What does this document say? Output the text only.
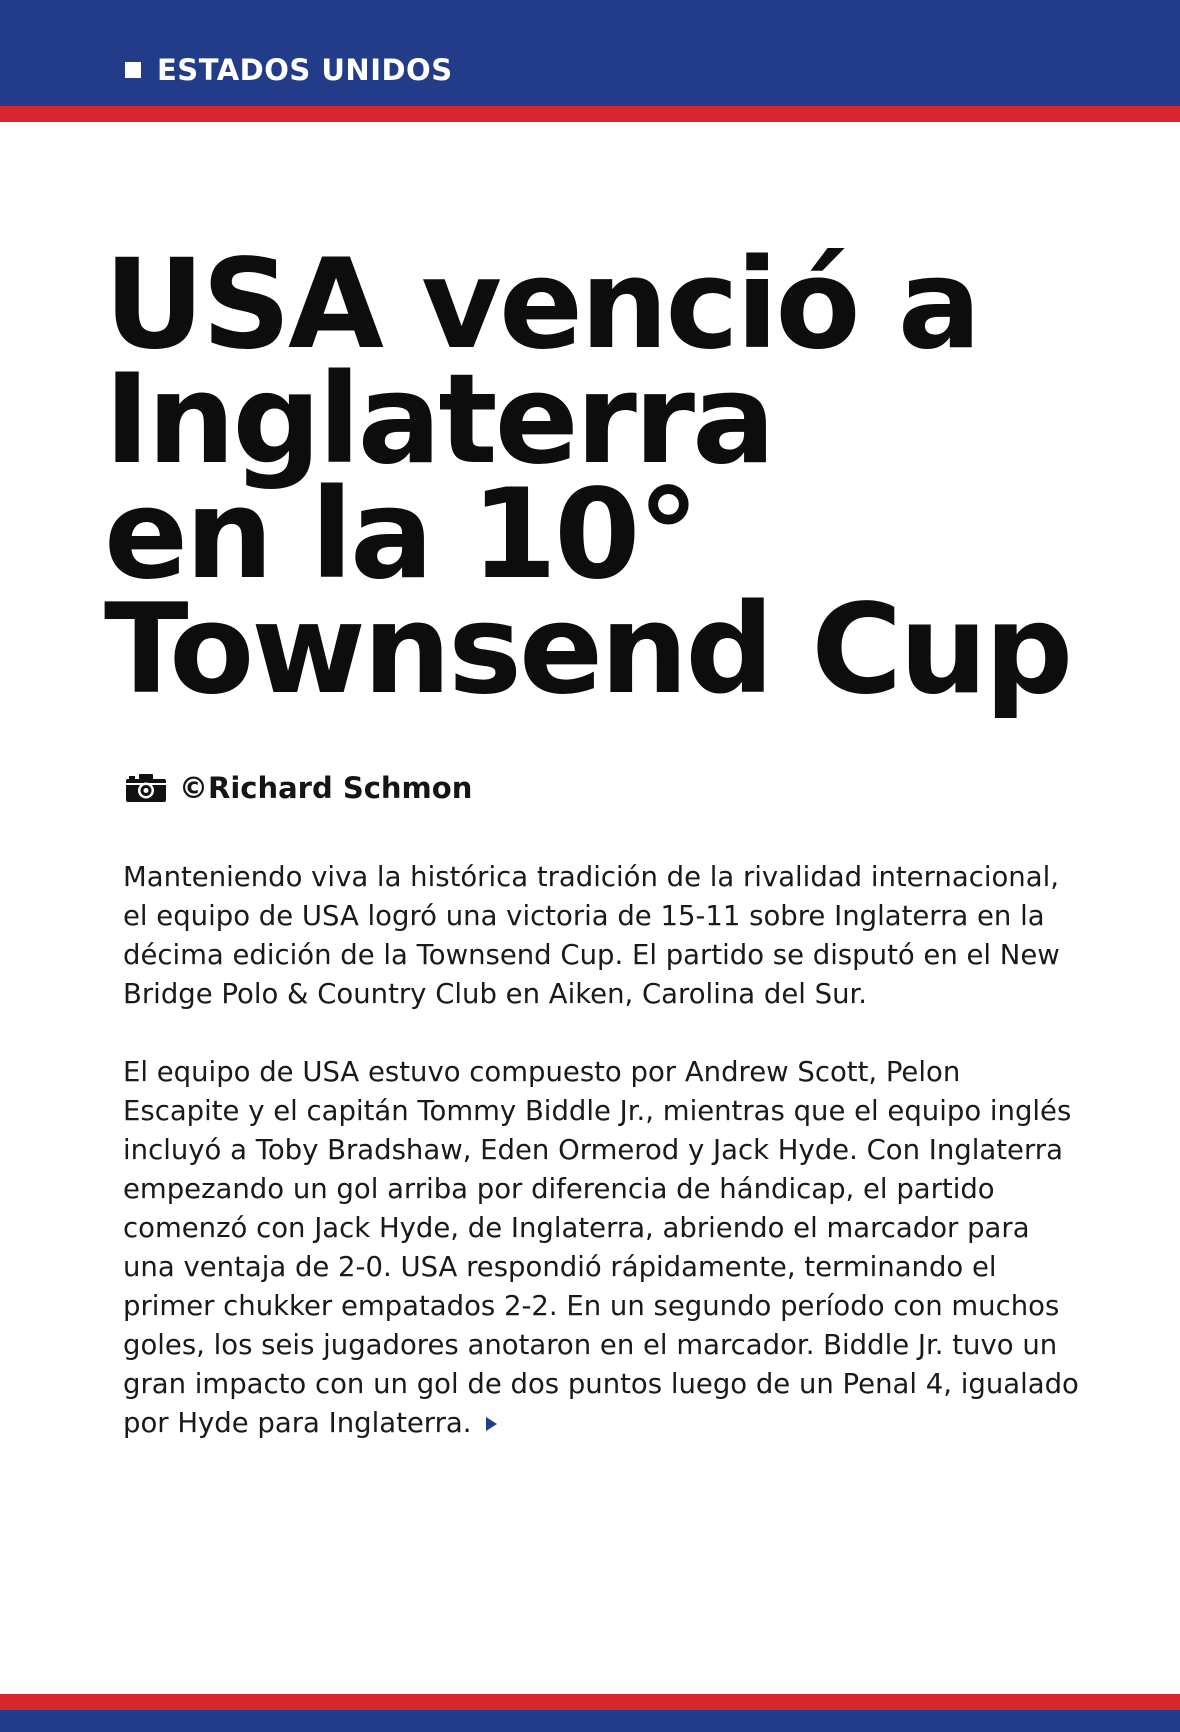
ESTADOS UNIDOS
USA venció a
Inglaterra
en la 10°
Townsend Cup
©Richard Schmon

Manteniendo viva la histórica tradición de la rivalidad internacional, el equipo de USA logró una victoria de 15-11 sobre Inglaterra en la décima edición de la Townsend Cup. El partido se disputó en el New Bridge Polo & Country Club en Aiken, Carolina del Sur.

El equipo de USA estuvo compuesto por Andrew Scott, Pelon Escapite y el capitán Tommy Biddle Jr., mientras que el equipo inglés incluyó a Toby Bradshaw, Eden Ormerod y Jack Hyde. Con Inglaterra empezando un gol arriba por diferencia de hándicap, el partido comenzó con Jack Hyde, de Inglaterra, abriendo el marcador para una ventaja de 2-0. USA respondió rápidamente, terminando el primer chukker empatados 2-2. En un segundo período con muchos goles, los seis jugadores anotaron en el marcador. Biddle Jr. tuvo un gran impacto con un gol de dos puntos luego de un Penal 4, igualado por Hyde para Inglaterra.
